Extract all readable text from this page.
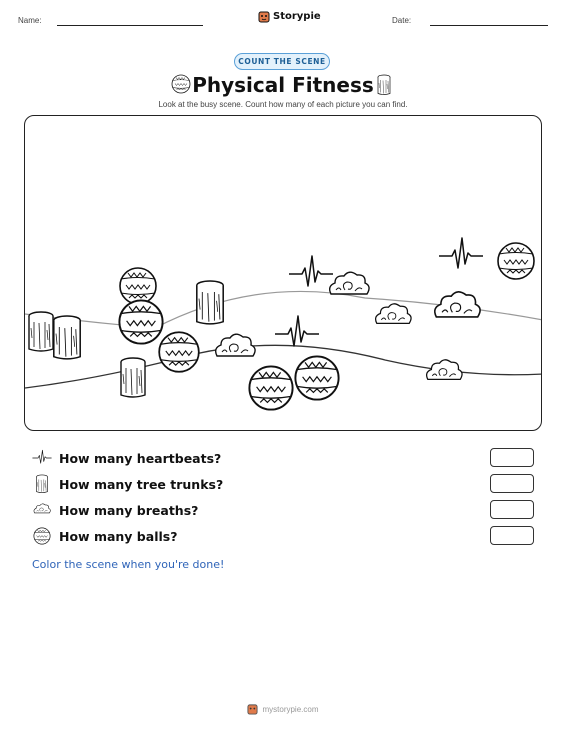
Name:	Storypie	Date:
COUNT THE SCENE
Physical Fitness
Look at the busy scene. Count how many of each picture you can find.
How many heartbeats?
How many tree trunks?
How many breaths?
How many balls?
Color the scene when you're done!
mystorypie.com
